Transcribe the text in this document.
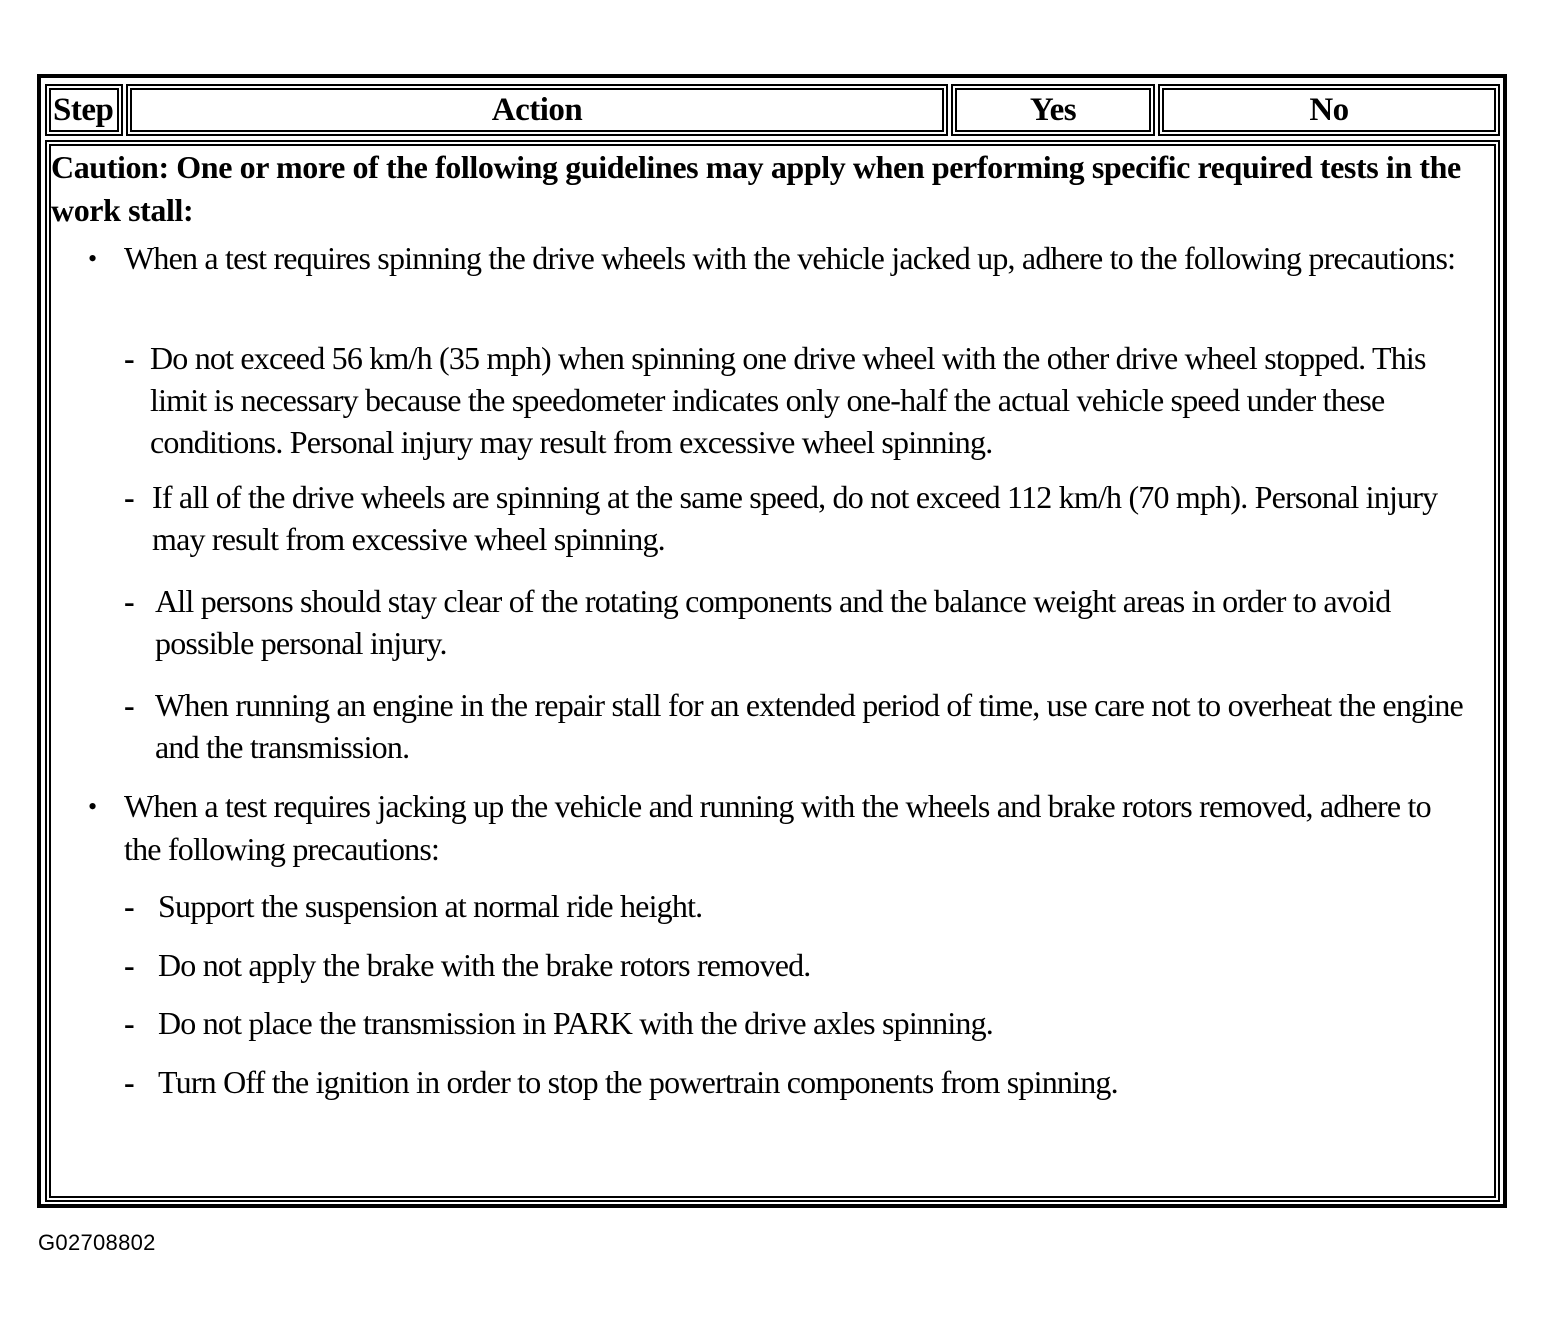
Step	Action	Yes	No
Caution: One or more of the following guidelines may apply when performing specific required tests in the work stall:
• When a test requires spinning the drive wheels with the vehicle jacked up, adhere to the following precautions:
- Do not exceed 56 km/h (35 mph) when spinning one drive wheel with the other drive wheel stopped. This limit is necessary because the speedometer indicates only one-half the actual vehicle speed under these conditions. Personal injury may result from excessive wheel spinning.
- If all of the drive wheels are spinning at the same speed, do not exceed 112 km/h (70 mph). Personal injury may result from excessive wheel spinning.
- All persons should stay clear of the rotating components and the balance weight areas in order to avoid possible personal injury.
- When running an engine in the repair stall for an extended period of time, use care not to overheat the engine and the transmission.
• When a test requires jacking up the vehicle and running with the wheels and brake rotors removed, adhere to the following precautions:
- Support the suspension at normal ride height.
- Do not apply the brake with the brake rotors removed.
- Do not place the transmission in PARK with the drive axles spinning.
- Turn Off the ignition in order to stop the powertrain components from spinning.
G02708802
